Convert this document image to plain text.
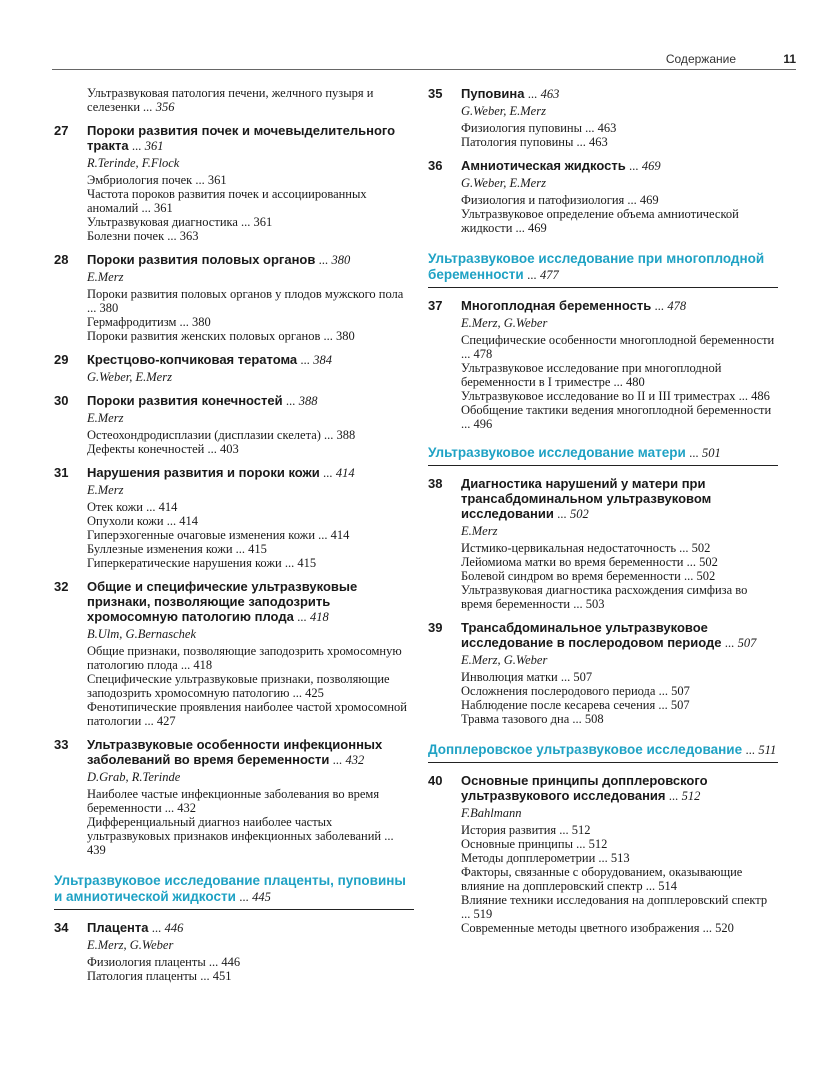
Содержание	11
Ультразвуковая патология печени, желчного пузыря и селезенки ... 356
27 Пороки развития почек и мочевыделительного тракта ... 361
R.Terinde, F.Flock
Эмбриология почек ... 361
Частота пороков развития почек и ассоциированных аномалий ... 361
Ультразвуковая диагностика ... 361
Болезни почек ... 363
28 Пороки развития половых органов ... 380
E.Merz
Пороки развития половых органов у плодов мужского пола ... 380
Гермафродитизм ... 380
Пороки развития женских половых органов ... 380
29 Крестцово-копчиковая тератома ... 384
G.Weber, E.Merz
30 Пороки развития конечностей ... 388
E.Merz
Остеохондродисплазии (дисплазии скелета) ... 388
Дефекты конечностей ... 403
31 Нарушения развития и пороки кожи ... 414
E.Merz
Отек кожи ... 414
Опухоли кожи ... 414
Гиперэхогенные очаговые изменения кожи ... 414
Буллезные изменения кожи ... 415
Гиперкератические нарушения кожи ... 415
32 Общие и специфические ультразвуковые признаки, позволяющие заподозрить хромосомную патологию плода ... 418
B.Ulm, G.Bernaschek
Общие признаки, позволяющие заподозрить хромосомную патологию плода ... 418
Специфические ультразвуковые признаки, позволяющие заподозрить хромосомную патологию ... 425
Фенотипические проявления наиболее частой хромосомной патологии ... 427
33 Ультразвуковые особенности инфекционных заболеваний во время беременности ... 432
D.Grab, R.Terinde
Наиболее частые инфекционные заболевания во время беременности ... 432
Дифференциальный диагноз наиболее частых ультразвуковых признаков инфекционных заболеваний ... 439
Ультразвуковое исследование плаценты, пуповины и амниотической жидкости ... 445
34 Плацента ... 446
E.Merz, G.Weber
Физиология плаценты ... 446
Патология плаценты ... 451
35 Пуповина ... 463
G.Weber, E.Merz
Физиология пуповины ... 463
Патология пуповины ... 463
36 Амниотическая жидкость ... 469
G.Weber, E.Merz
Физиология и патофизиология ... 469
Ультразвуковое определение объема амниотической жидкости ... 469
Ультразвуковое исследование при многоплодной беременности ... 477
37 Многоплодная беременность ... 478
E.Merz, G.Weber
Специфические особенности многоплодной беременности ... 478
Ультразвуковое исследование при многоплодной беременности в I триместре ... 480
Ультразвуковое исследование во II и III триместрах ... 486
Обобщение тактики ведения многоплодной беременности ... 496
Ультразвуковое исследование матери ... 501
38 Диагностика нарушений у матери при трансабдоминальном ультразвуковом исследовании ... 502
E.Merz
Истмико-цервикальная недостаточность ... 502
Лейомиома матки во время беременности ... 502
Болевой синдром во время беременности ... 502
Ультразвуковая диагностика расхождения симфиза во время беременности ... 503
39 Трансабдоминальное ультразвуковое исследование в послеродовом периоде ... 507
E.Merz, G.Weber
Инволюция матки ... 507
Осложнения послеродового периода ... 507
Наблюдение после кесарева сечения ... 507
Травма тазового дна ... 508
Допплеровское ультразвуковое исследование ... 511
40 Основные принципы допплеровского ультразвукового исследования ... 512
F.Bahlmann
История развития ... 512
Основные принципы ... 512
Методы допплерометрии ... 513
Факторы, связанные с оборудованием, оказывающие влияние на допплеровский спектр ... 514
Влияние техники исследования на допплеровский спектр ... 519
Современные методы цветного изображения ... 520
